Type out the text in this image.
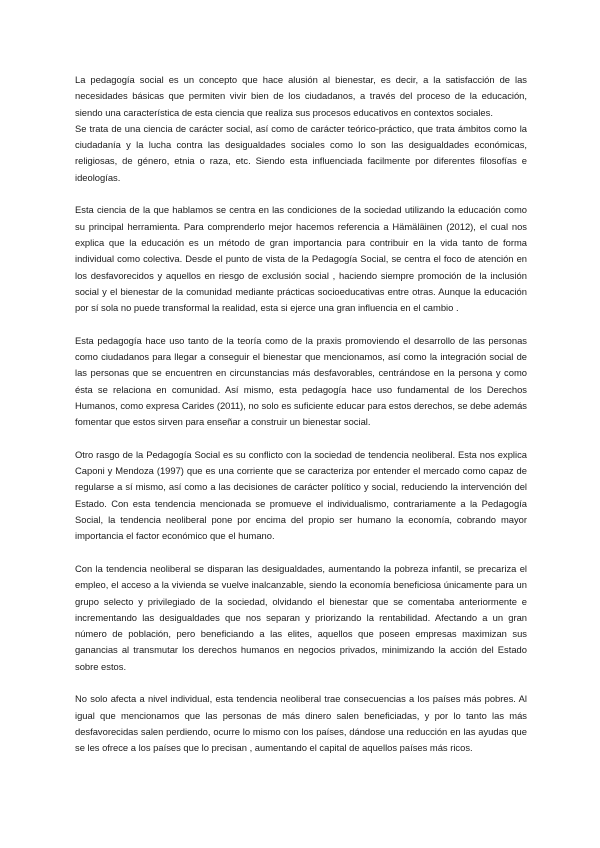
La pedagogía social es un concepto que hace alusión al bienestar, es decir, a la satisfacción de las necesidades básicas que permiten vivir bien de los ciudadanos, a través del proceso de la educación, siendo una característica de esta ciencia que realiza sus procesos educativos en contextos sociales.
Se trata de una ciencia de carácter social, así como de carácter teórico-práctico, que trata ámbitos como la ciudadanía y la lucha contra las desigualdades sociales como lo son las desigualdades económicas, religiosas, de género, etnia o raza, etc. Siendo esta influenciada facilmente por diferentes filosofías e ideologías.

Esta ciencia de la que hablamos se centra en las condiciones de la sociedad utilizando la educación como su principal herramienta. Para comprenderlo mejor hacemos referencia a Hämäläinen (2012), el cual nos explica que la educación es un método de gran importancia para contribuir en la vida tanto de forma individual como colectiva. Desde el punto de vista de la Pedagogía Social, se centra el foco de atención en los desfavorecidos y aquellos en riesgo de exclusión social , haciendo siempre promoción de la inclusión social y el bienestar de la comunidad mediante prácticas socioeducativas entre otras. Aunque la educación por sí sola no puede transformal la realidad, esta si ejerce una gran influencia en el cambio .

Esta pedagogía hace uso tanto de la teoría como de la praxis promoviendo el desarrollo de las personas como ciudadanos para llegar a conseguir el bienestar que mencionamos, así como la integración social de las personas que se encuentren en circunstancias más desfavorables, centrándose en la persona y como ésta se relaciona en comunidad. Así mismo, esta pedagogía hace uso fundamental de los Derechos Humanos, como expresa Carides (2011), no solo es suficiente educar para estos derechos, se debe además fomentar que estos sirven para enseñar a construir un bienestar social.

Otro rasgo de la Pedagogía Social es su conflicto con la sociedad de tendencia neoliberal. Esta nos explica Caponi y Mendoza (1997) que es una corriente que se caracteriza por entender el mercado como capaz de regularse a sí mismo, así como a las decisiones de carácter político y social, reduciendo la intervención del Estado. Con esta tendencia mencionada se promueve el individualismo, contrariamente a la Pedagogía Social, la tendencia neoliberal pone por encima del propio ser humano la economía, cobrando mayor importancia el factor económico que el humano.

Con la tendencia neoliberal se disparan las desigualdades, aumentando la pobreza infantil, se precariza el empleo, el acceso a la vivienda se vuelve inalcanzable, siendo la economía beneficiosa únicamente para un grupo selecto y privilegiado de la sociedad, olvidando el bienestar que se comentaba anteriormente e incrementando las desigualdades que nos separan y priorizando la rentabilidad. Afectando a un gran número de población, pero beneficiando a las elites, aquellos que poseen empresas maximizan sus ganancias al transmutar los derechos humanos en negocios privados, minimizando la acción del Estado sobre estos.

No solo afecta a nivel individual, esta tendencia neoliberal trae consecuencias a los países más pobres. Al igual que mencionamos que las personas de más dinero salen beneficiadas, y por lo tanto las más desfavorecidas salen perdiendo, ocurre lo mismo con los países, dándose una reducción en las ayudas que se les ofrece a los países que lo precisan , aumentando el capital de aquellos países más ricos.
